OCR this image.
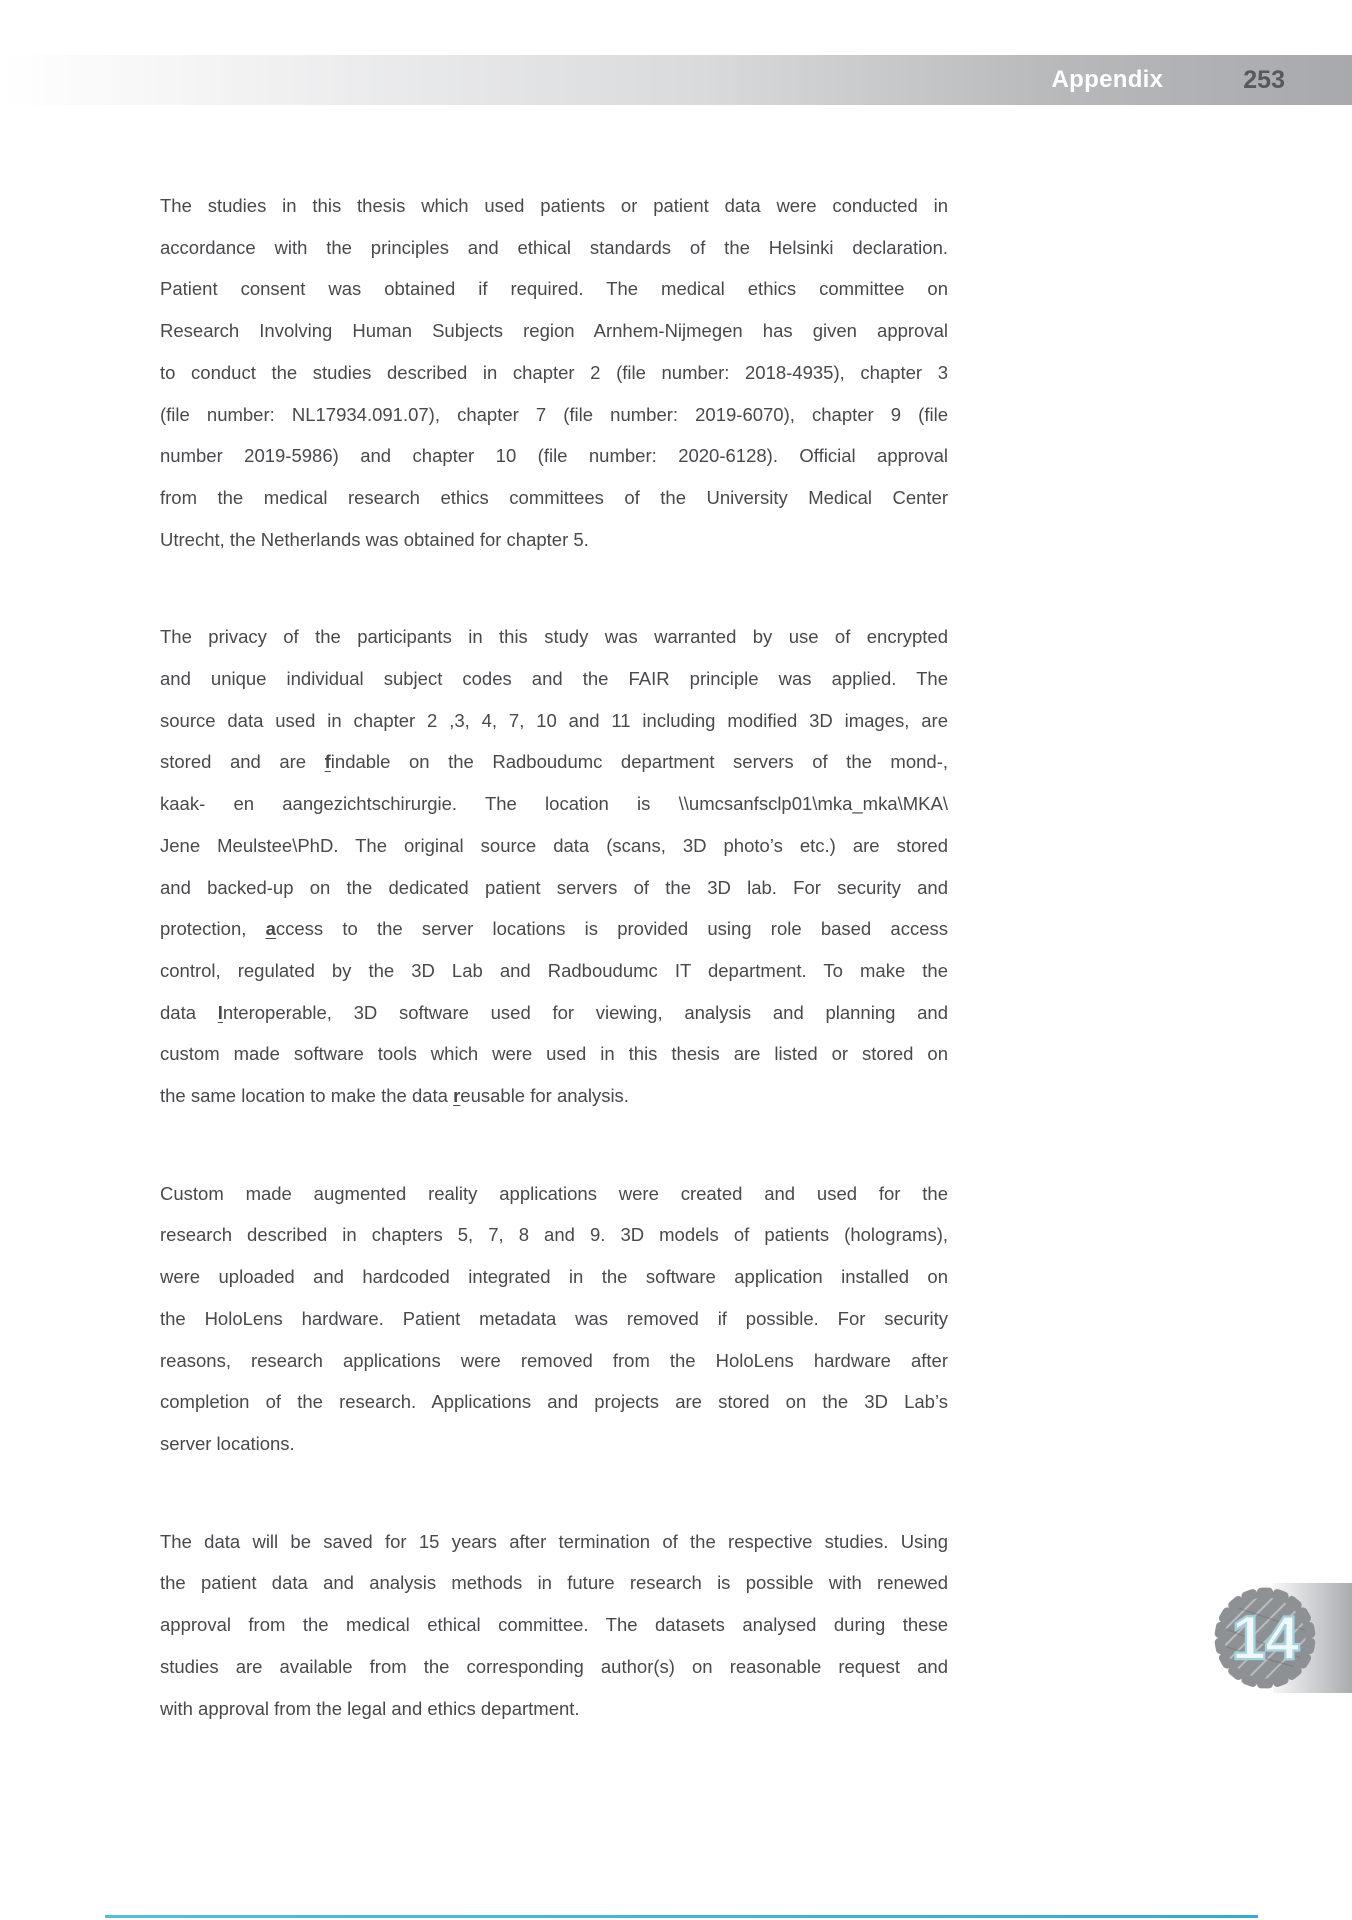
Appendix	253
The studies in this thesis which used patients or patient data were conducted in
accordance with the principles and ethical standards of the Helsinki declaration.
Patient consent was obtained if required. The medical ethics committee on
Research Involving Human Subjects region Arnhem-Nijmegen has given approval
to conduct the studies described in chapter 2 (file number: 2018-4935), chapter 3
(file number: NL17934.091.07), chapter 7 (file number: 2019-6070), chapter 9 (file
number 2019-5986) and chapter 10 (file number: 2020-6128). Official approval
from the medical research ethics committees of the University Medical Center
Utrecht, the Netherlands was obtained for chapter 5.
The privacy of the participants in this study was warranted by use of encrypted
and unique individual subject codes and the FAIR principle was applied. The
source data used in chapter 2 ,3, 4, 7, 10 and 11 including modified 3D images, are
stored and are findable on the Radboudumc department servers of the mond-,
kaak- en aangezichtschirurgie. The location is \\umcsanfsclp01\mka_mka\MKA\
Jene Meulstee\PhD. The original source data (scans, 3D photo’s etc.) are stored
and backed-up on the dedicated patient servers of the 3D lab. For security and
protection, access to the server locations is provided using role based access
control, regulated by the 3D Lab and Radboudumc IT department. To make the
data Interoperable, 3D software used for viewing, analysis and planning and
custom made software tools which were used in this thesis are listed or stored on
the same location to make the data reusable for analysis.
Custom made augmented reality applications were created and used for the
research described in chapters 5, 7, 8 and 9. 3D models of patients (holograms),
were uploaded and hardcoded integrated in the software application installed on
the HoloLens hardware. Patient metadata was removed if possible. For security
reasons, research applications were removed from the HoloLens hardware after
completion of the research. Applications and projects are stored on the 3D Lab’s
server locations.
The data will be saved for 15 years after termination of the respective studies. Using
the patient data and analysis methods in future research is possible with renewed
approval from the medical ethical committee. The datasets analysed during these
studies are available from the corresponding author(s) on reasonable request and
with approval from the legal and ethics department.
14
